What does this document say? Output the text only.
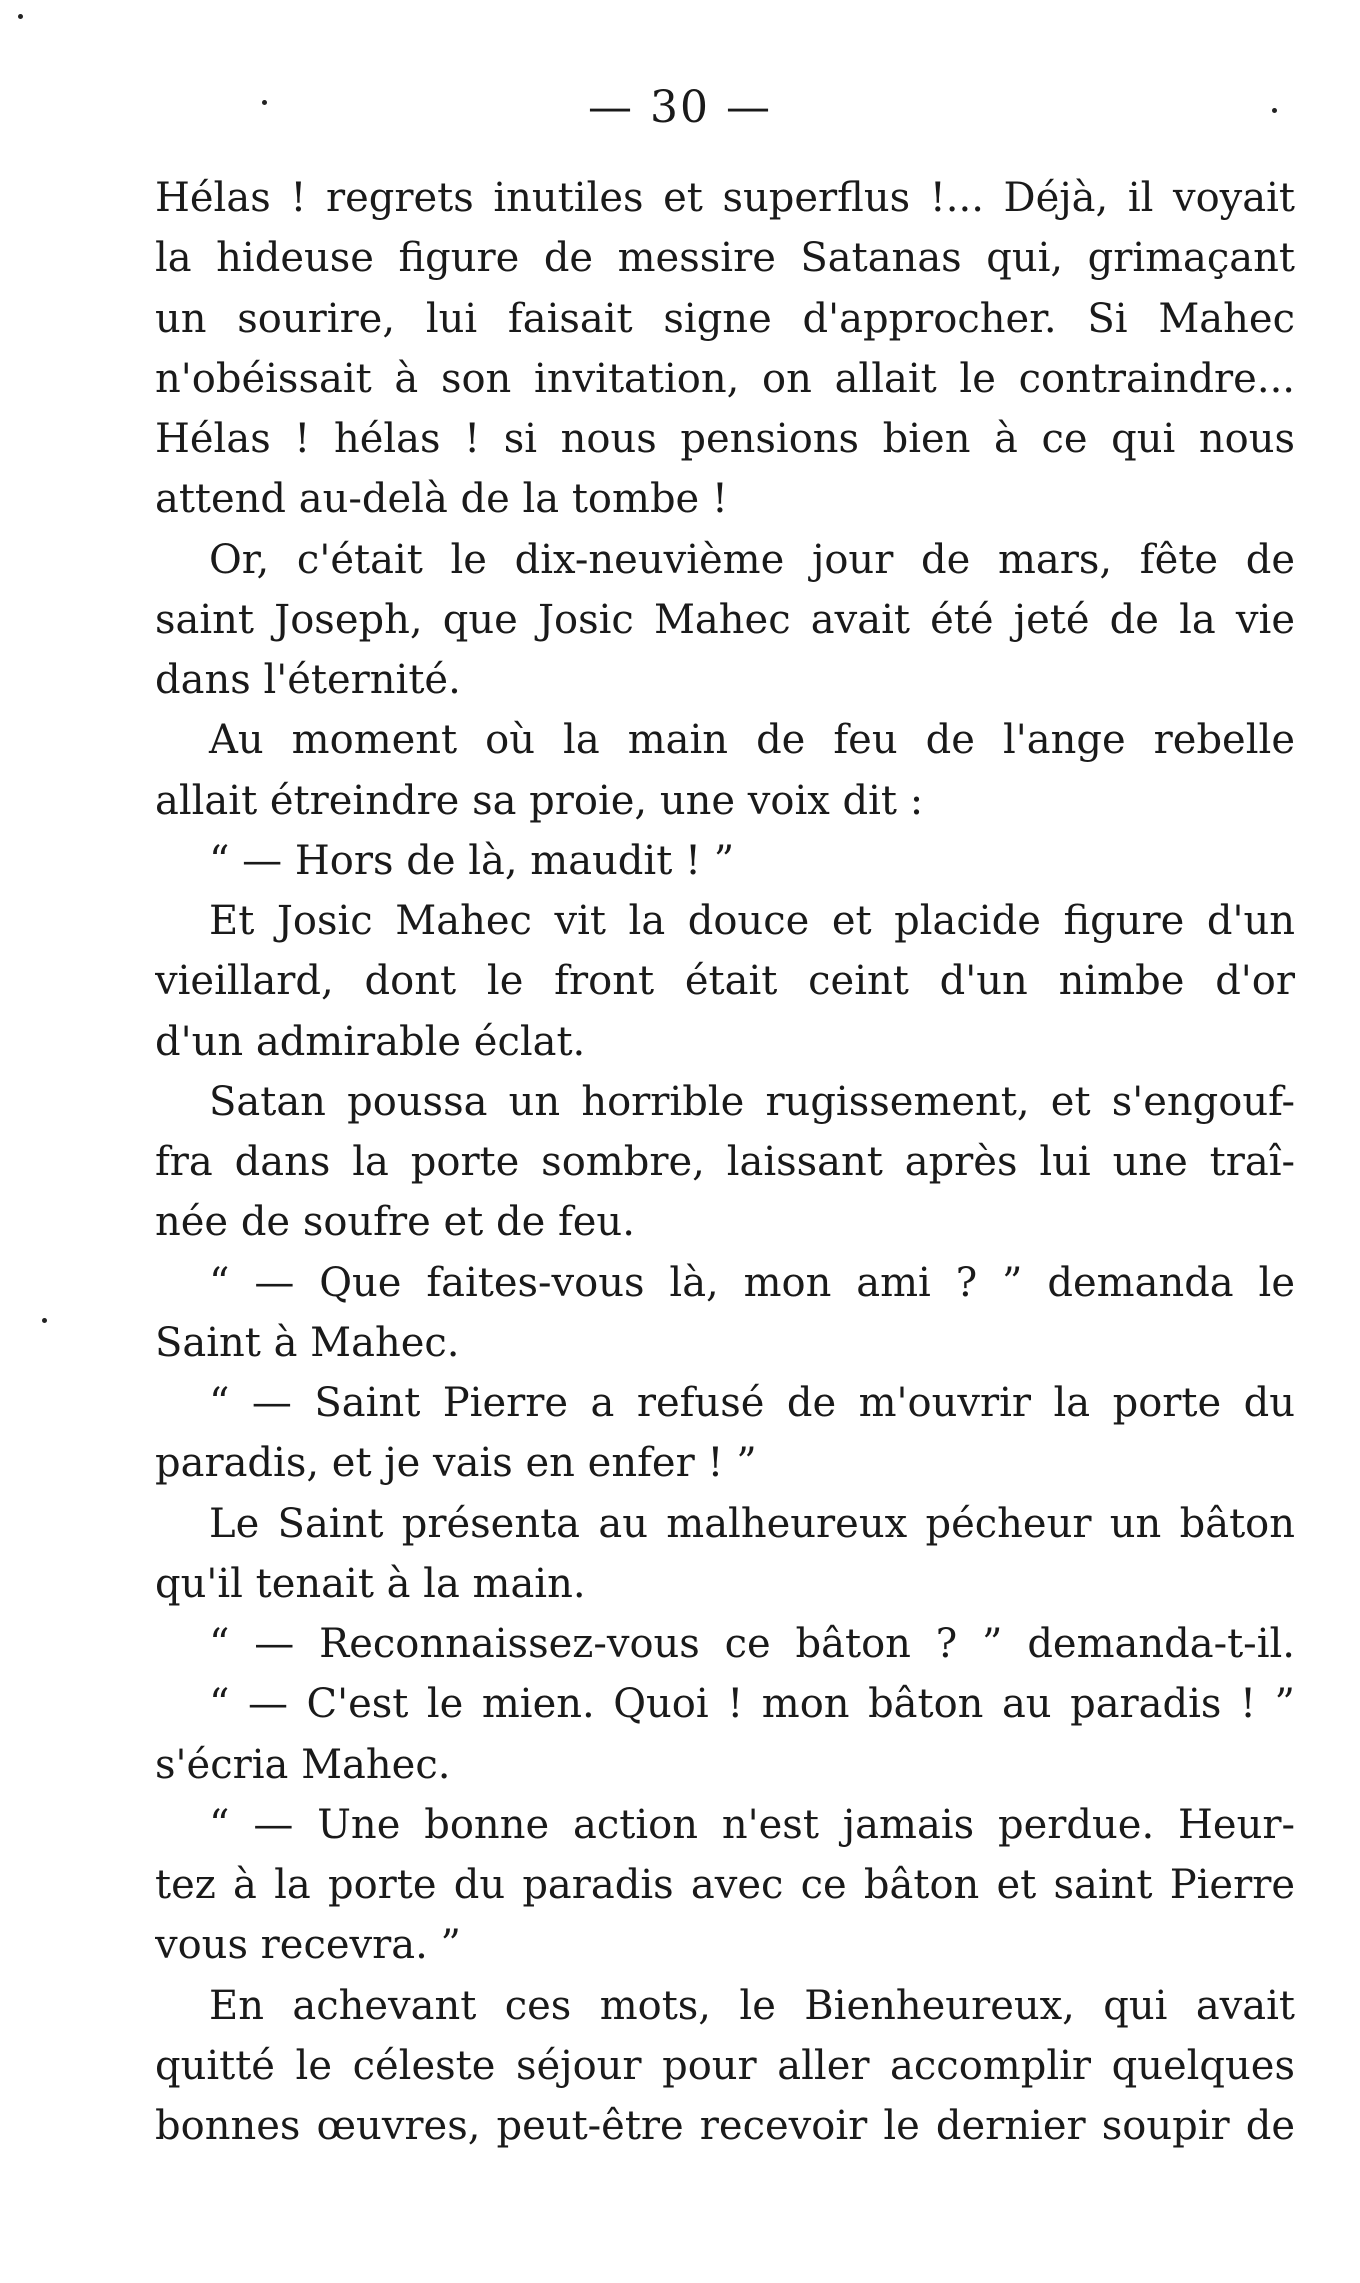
— 30 —
Hélas ! regrets inutiles et superflus !... Déjà, il voyait
la hideuse figure de messire Satanas qui, grimaçant
un sourire, lui faisait signe d'approcher. Si Mahec
n'obéissait à son invitation, on allait le contraindre...
Hélas ! hélas ! si nous pensions bien à ce qui nous
attend au-delà de la tombe !
Or, c'était le dix-neuvième jour de mars, fête de
saint Joseph, que Josic Mahec avait été jeté de la vie
dans l'éternité.
Au moment où la main de feu de l'ange rebelle
allait étreindre sa proie, une voix dit :
“ — Hors de là, maudit ! ”
Et Josic Mahec vit la douce et placide figure d'un
vieillard, dont le front était ceint d'un nimbe d'or
d'un admirable éclat.
Satan poussa un horrible rugissement, et s'engouf-
fra dans la porte sombre, laissant après lui une traî-
née de soufre et de feu.
“ — Que faites-vous là, mon ami ? ” demanda le
Saint à Mahec.
“ — Saint Pierre a refusé de m'ouvrir la porte du
paradis, et je vais en enfer ! ”
Le Saint présenta au malheureux pécheur un bâton
qu'il tenait à la main.
“ — Reconnaissez-vous ce bâton ? ” demanda-t-il.
“ — C'est le mien. Quoi ! mon bâton au paradis ! ”
s'écria Mahec.
“ — Une bonne action n'est jamais perdue. Heur-
tez à la porte du paradis avec ce bâton et saint Pierre
vous recevra. ”
En achevant ces mots, le Bienheureux, qui avait
quitté le céleste séjour pour aller accomplir quelques
bonnes œuvres, peut-être recevoir le dernier soupir de
